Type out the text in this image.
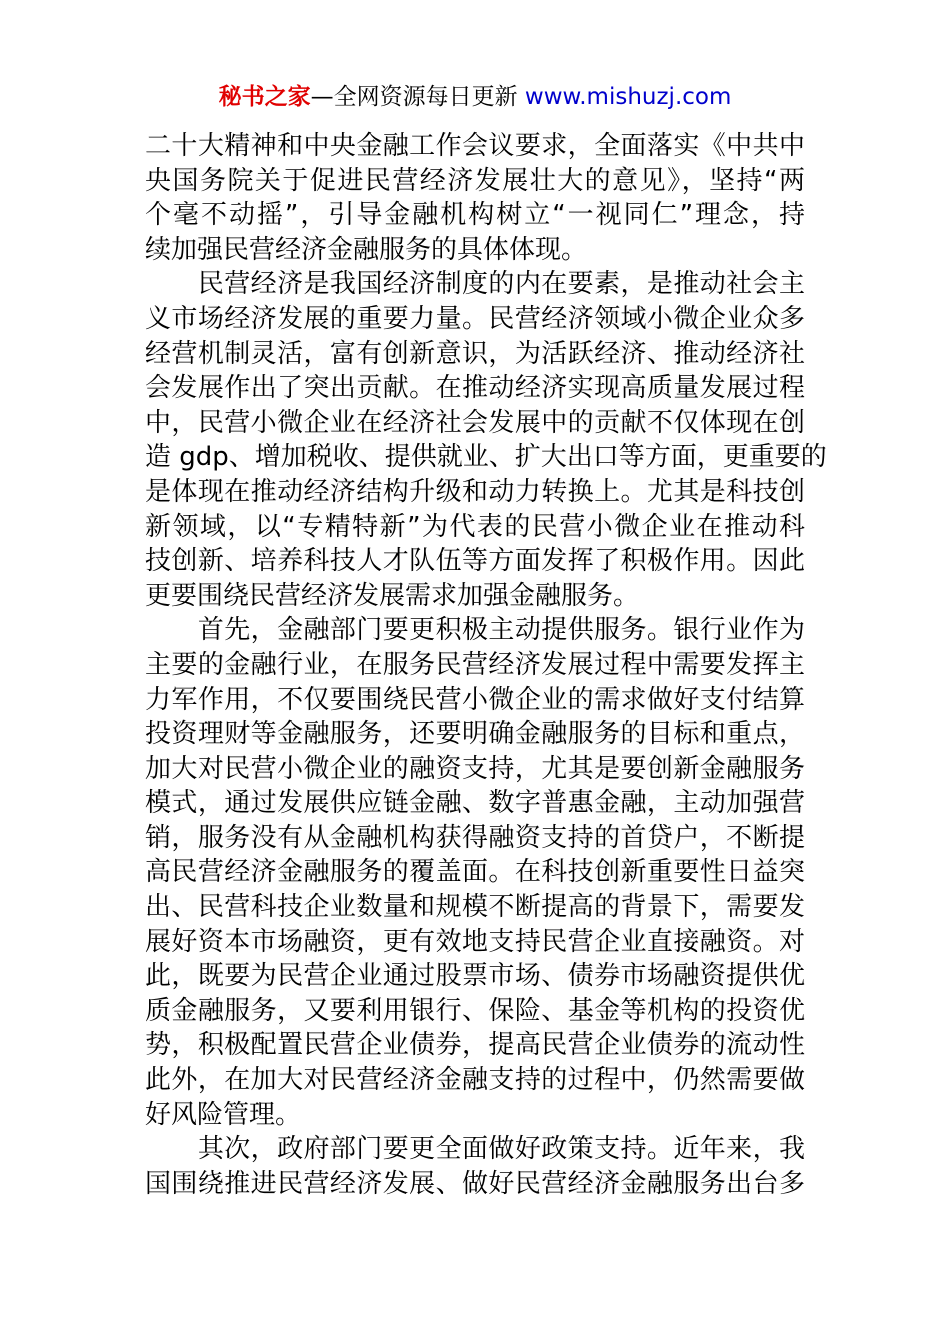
秘书之家—全网资源每日更新 www.mishuzj.com
二十大精神和中央金融工作会议要求，全面落实《中共中
央国务院关于促进民营经济发展壮大的意见》，坚持“两
个毫不动摇”，引导金融机构树立“一视同仁”理念，持
续加强民营经济金融服务的具体体现。
　　民营经济是我国经济制度的内在要素，是推动社会主
义市场经济发展的重要力量。民营经济领域小微企业众多
经营机制灵活，富有创新意识，为活跃经济、推动经济社
会发展作出了突出贡献。在推动经济实现高质量发展过程
中，民营小微企业在经济社会发展中的贡献不仅体现在创
造 gdp、增加税收、提供就业、扩大出口等方面，更重要的
是体现在推动经济结构升级和动力转换上。尤其是科技创
新领域，以“专精特新”为代表的民营小微企业在推动科
技创新、培养科技人才队伍等方面发挥了积极作用。因此
更要围绕民营经济发展需求加强金融服务。
　　首先，金融部门要更积极主动提供服务。银行业作为
主要的金融行业，在服务民营经济发展过程中需要发挥主
力军作用，不仅要围绕民营小微企业的需求做好支付结算
投资理财等金融服务，还要明确金融服务的目标和重点，
加大对民营小微企业的融资支持，尤其是要创新金融服务
模式，通过发展供应链金融、数字普惠金融，主动加强营
销，服务没有从金融机构获得融资支持的首贷户，不断提
高民营经济金融服务的覆盖面。在科技创新重要性日益突
出、民营科技企业数量和规模不断提高的背景下，需要发
展好资本市场融资，更有效地支持民营企业直接融资。对
此，既要为民营企业通过股票市场、债券市场融资提供优
质金融服务，又要利用银行、保险、基金等机构的投资优
势，积极配置民营企业债券，提高民营企业债券的流动性
此外，在加大对民营经济金融支持的过程中，仍然需要做
好风险管理。
　　其次，政府部门要更全面做好政策支持。近年来，我
国围绕推进民营经济发展、做好民营经济金融服务出台多
